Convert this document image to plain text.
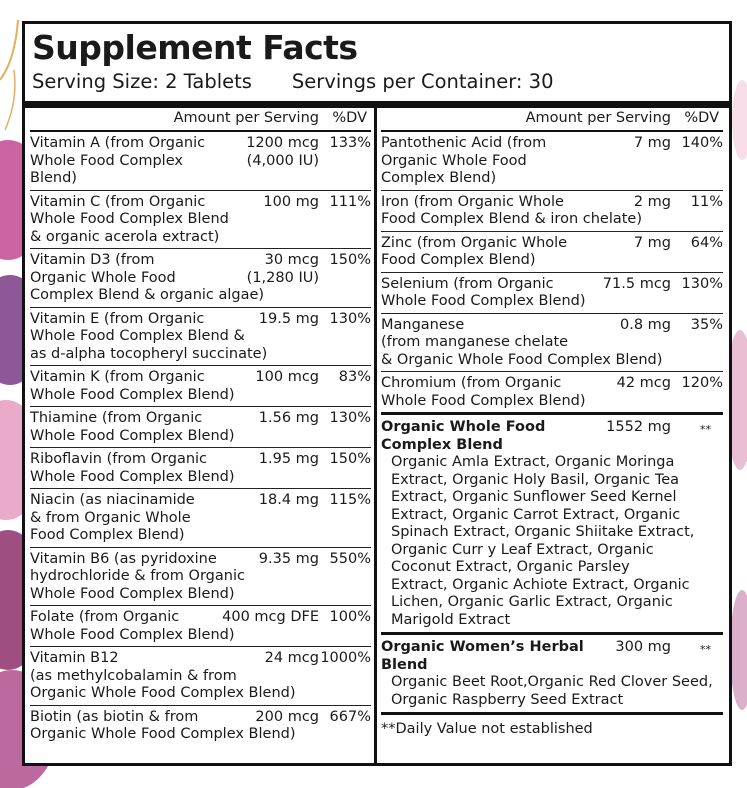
Supplement Facts
Serving Size: 2 Tablets Servings per Container: 30
Amount per Serving %DV
Vitamin A (from Organic
Whole Food Complex
Blend)
1200 mcg
(4,000 IU)
133%
Vitamin C (from Organic
Whole Food Complex Blend
& organic acerola extract)
100 mg 111%
Vitamin D3 (from
Organic Whole Food
Complex Blend & organic algae)
30 mcg
(1,280 IU)
150%
Vitamin E (from Organic
Whole Food Complex Blend &
as d-alpha tocopheryl succinate)
19.5 mg 130%
Vitamin K (from Organic
Whole Food Complex Blend)
100 mcg 83%
Thiamine (from Organic
Whole Food Complex Blend)
1.56 mg 130%
Riboflavin (from Organic
Whole Food Complex Blend)
1.95 mg 150%
Niacin (as niacinamide
& from Organic Whole
Food Complex Blend)
18.4 mg 115%
Vitamin B6 (as pyridoxine
hydrochloride & from Organic
Whole Food Complex Blend)
9.35 mg 550%
Folate (from Organic
Whole Food Complex Blend)
400 mcg DFE 100%
Vitamin B12
(as methylcobalamin & from
Organic Whole Food Complex Blend)
24 mcg 1000%
Biotin (as biotin & from
Organic Whole Food Complex Blend)
200 mcg 667%
Amount per Serving %DV
Pantothenic Acid (from
Organic Whole Food
Complex Blend)
7 mg 140%
Iron (from Organic Whole
Food Complex Blend & iron chelate)
2 mg 11%
Zinc (from Organic Whole
Food Complex Blend)
7 mg 64%
Selenium (from Organic
Whole Food Complex Blend)
71.5 mcg 130%
Manganese
(from manganese chelate
& Organic Whole Food Complex Blend)
0.8 mg 35%
Chromium (from Organic
Whole Food Complex Blend)
42 mcg 120%
Organic Whole Food
Complex Blend
1552 mg	**
Organic Amla Extract, Organic Moringa
Extract, Organic Holy Basil, Organic Tea
Extract, Organic Sunflower Seed Kernel
Extract, Organic Carrot Extract, Organic
Spinach Extract, Organic Shiitake Extract,
Organic Curr y Leaf Extract, Organic
Coconut Extract, Organic Parsley
Extract, Organic Achiote Extract, Organic
Lichen, Organic Garlic Extract, Organic
Marigold Extract
Organic Women’s Herbal
Blend
300 mg	**
Organic Beet Root,Organic Red Clover Seed,
Organic Raspberry Seed Extract
**Daily Value not established
